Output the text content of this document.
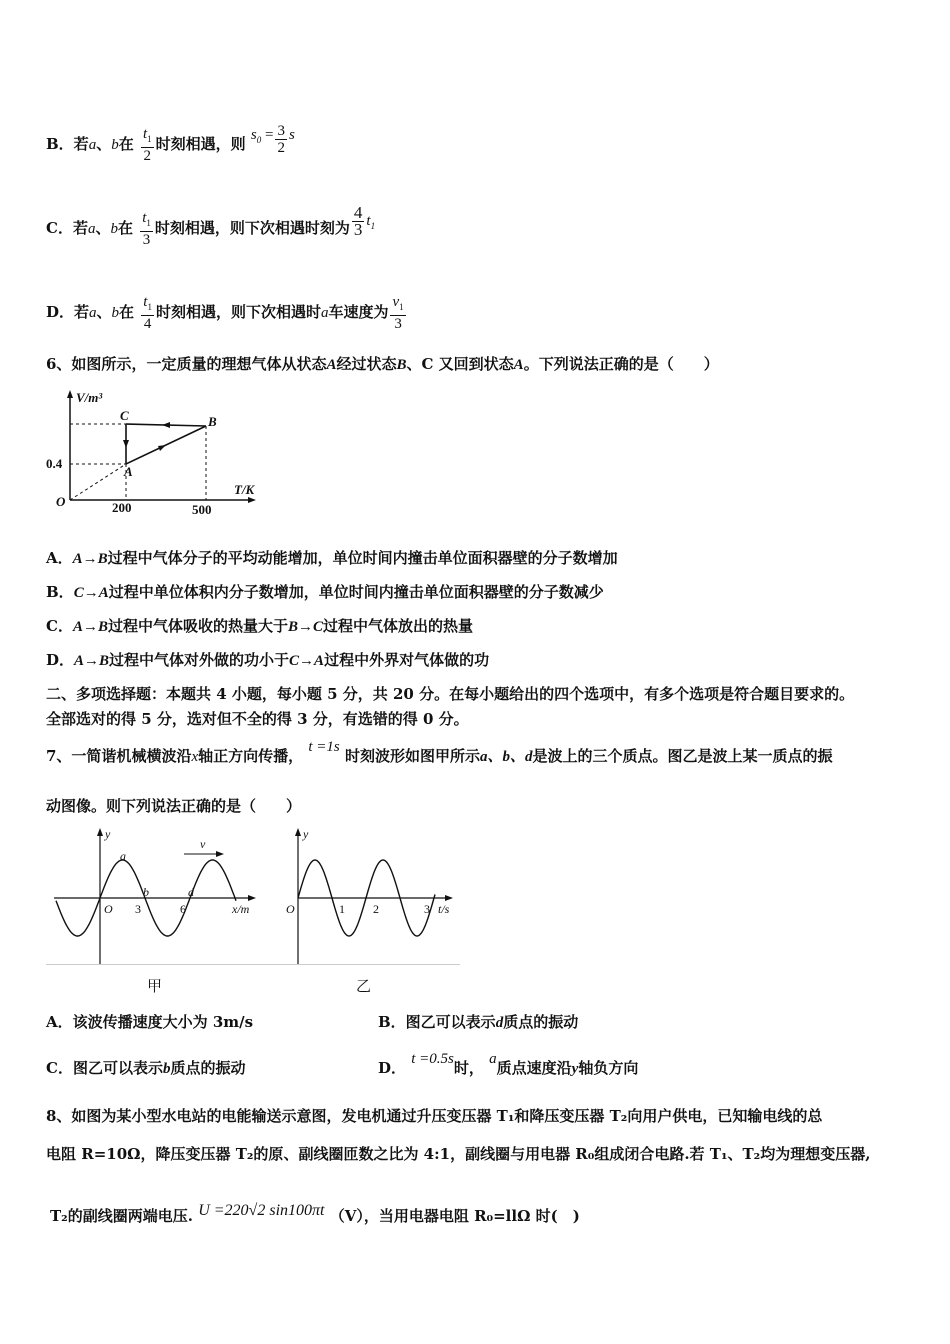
B．若a、b在 $\frac{t_1}{2}$ 时刻相遇，则 $s_0 = \frac{3}{2}$ s
C．若a、b在 $\frac{t_1}{3}$ 时刻相遇，则下次相遇时刻为 $\frac{4}{3} t_1$
D．若a、b在 $\frac{t_1}{4}$ 时刻相遇，则下次相遇时a车速度为 $\frac{v_1}{3}$
6、如图所示，一定质量的理想气体从状态A经过状态B、C 又回到状态A。下列说法正确的是（　　）
V/m³
T/K
O
0.4
200	500
C	B
A
A．A→B过程中气体分子的平均动能增加，单位时间内撞击单位面积器壁的分子数增加
B．C→A过程中单位体积内分子数增加，单位时间内撞击单位面积器壁的分子数减少
C．A→B过程中气体吸收的热量大于B→C过程中气体放出的热量
D．A→B过程中气体对外做的功小于C→A过程中外界对气体做的功
二、多项选择题：本题共 4 小题，每小题 5 分，共 20 分。在每小题给出的四个选项中，有多个选项是符合题目要求的。
全部选对的得 5 分，选对但不全的得 3 分，有选错的得 0 分。
7、一简谐机械横波沿x轴正方向传播， t =1s 时刻波形如图甲所示a、b、d是波上的三个质点。图乙是波上某一质点的振
动图像。则下列说法正确的是（　　）
y
a
b	d
v
O 3	6	x/m
y
O	1 2	3 t/s
甲	乙
A．该波传播速度大小为 3m/s	B．图乙可以表示d质点的振动
C．图乙可以表示b质点的振动	D． t =0.5s时， a质点速度沿y轴负方向
8、如图为某小型水电站的电能输送示意图，发电机通过升压变压器 T₁和降压变压器 T₂向用户供电，已知输电线的总
电阻 R=10Ω，降压变压器 T₂的原、副线圈匝数之比为 4:1，副线圈与用电器 R₀组成闭合电路.若 T₁、T₂均为理想变压器,
T₂的副线圈两端电压. U =220√2 sin100πt （V），当用电器电阻 R₀=llΩ 时(　)
